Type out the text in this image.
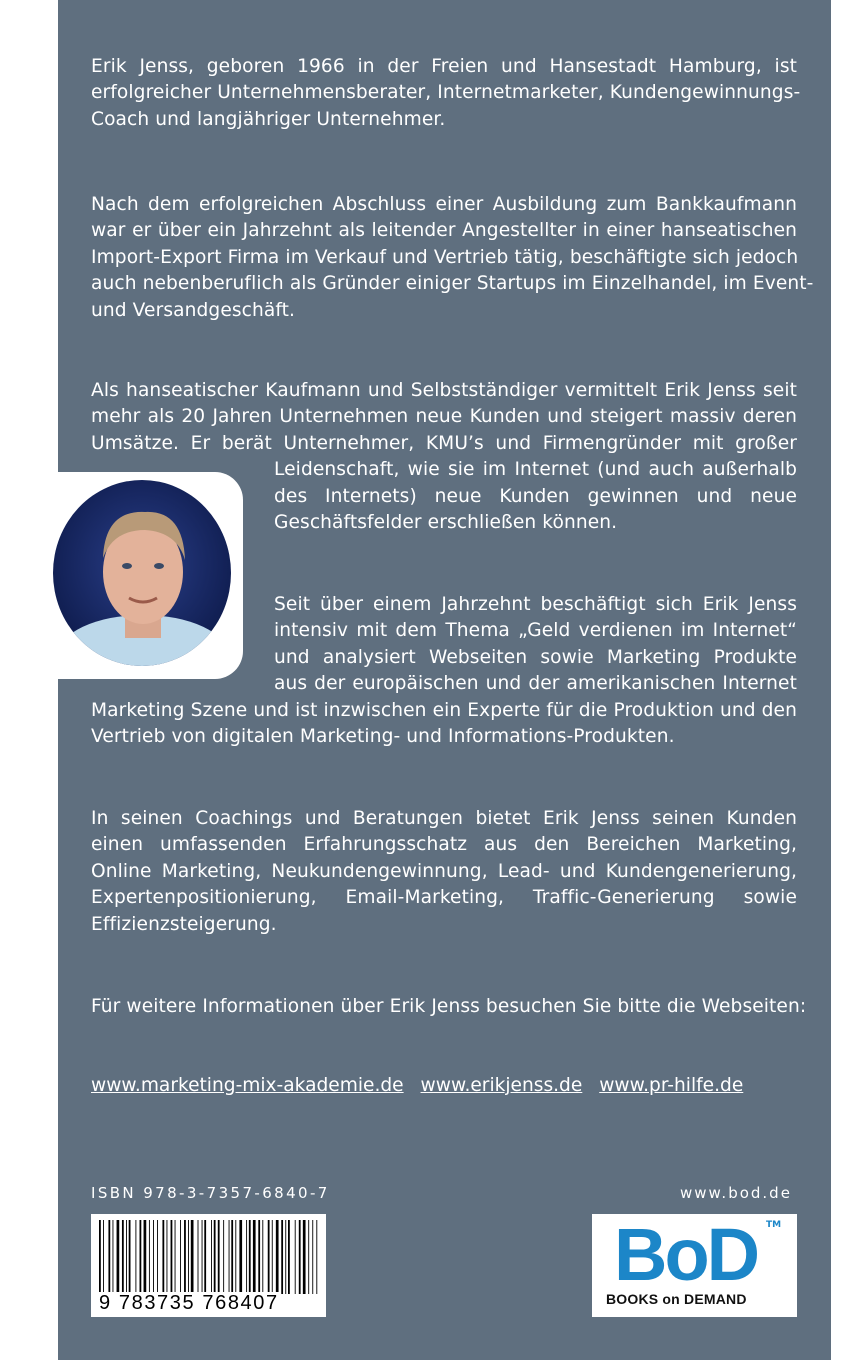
Erik Jenss, geboren 1966 in der Freien und Hansestadt Hamburg, ist
erfolgreicher Unternehmensberater, Internetmarketer, Kundengewinnungs-
Coach und langjähriger Unternehmer.
Nach dem erfolgreichen Abschluss einer Ausbildung zum Bankkaufmann
war er über ein Jahrzehnt als leitender Angestellter in einer hanseatischen
Import-Export Firma im Verkauf und Vertrieb tätig, beschäftigte sich jedoch
auch nebenberuflich als Gründer einiger Startups im Einzelhandel, im Event-
und Versandgeschäft.
Als hanseatischer Kaufmann und Selbstständiger vermittelt Erik Jenss seit
mehr als 20 Jahren Unternehmen neue Kunden und steigert massiv deren
Umsätze. Er berät Unternehmer, KMU’s und Firmengründer mit großer
Leidenschaft, wie sie im Internet (und auch außerhalb
des Internets) neue Kunden gewinnen und neue
Geschäftsfelder erschließen können.
Seit über einem Jahrzehnt beschäftigt sich Erik Jenss
intensiv mit dem Thema „Geld verdienen im Internet“
und analysiert Webseiten sowie Marketing Produkte
aus der europäischen und der amerikanischen Internet
Marketing Szene und ist inzwischen ein Experte für die Produktion und den
Vertrieb von digitalen Marketing- und Informations-Produkten.
In seinen Coachings und Beratungen bietet Erik Jenss seinen Kunden
einen umfassenden Erfahrungsschatz aus den Bereichen Marketing,
Online Marketing, Neukundengewinnung, Lead- und Kundengenerierung,
Expertenpositionierung, Email-Marketing, Traffic-Generierung sowie
Effizienzsteigerung.
Für weitere Informationen über Erik Jenss besuchen Sie bitte die Webseiten:
www.marketing-mix-akademie.de www.erikjenss.de www.pr-hilfe.de
ISBN 978-3-7357-6840-7	www.bod.de
9 783735 768407
BoD TM
BOOKS on DEMAND
